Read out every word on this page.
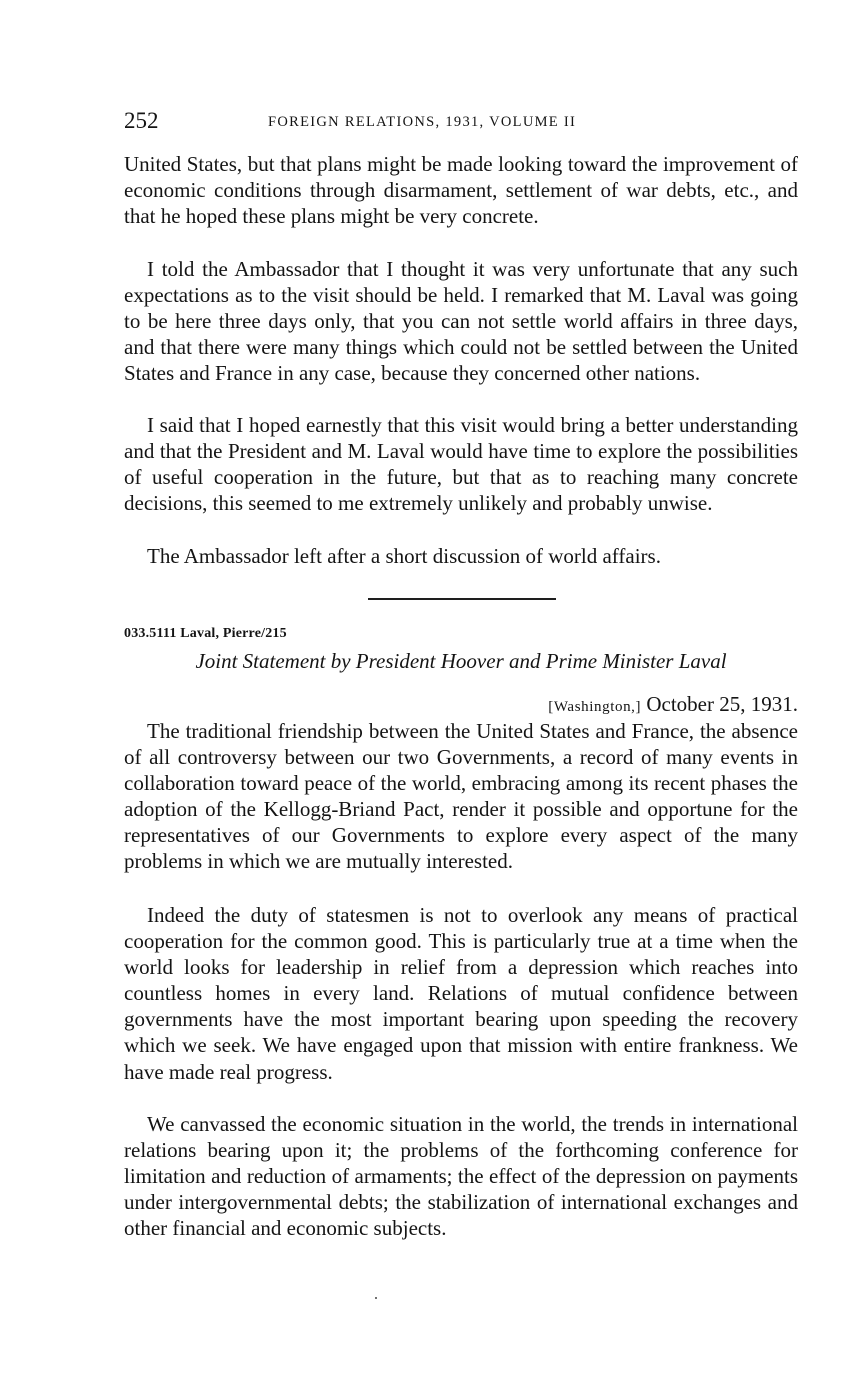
252	FOREIGN RELATIONS, 1931, VOLUME II

United States, but that plans might be made looking toward the improvement of economic conditions through disarmament, settlement of war debts, etc., and that he hoped these plans might be very concrete.

I told the Ambassador that I thought it was very unfortunate that any such expectations as to the visit should be held. I remarked that M. Laval was going to be here three days only, that you can not settle world affairs in three days, and that there were many things which could not be settled between the United States and France in any case, because they concerned other nations.

I said that I hoped earnestly that this visit would bring a better understanding and that the President and M. Laval would have time to explore the possibilities of useful cooperation in the future, but that as to reaching many concrete decisions, this seemed to me extremely unlikely and probably unwise.

The Ambassador left after a short discussion of world affairs.

033.5111 Laval, Pierre/215
Joint Statement by President Hoover and Prime Minister Laval
[Washington,] October 25, 1931.

The traditional friendship between the United States and France, the absence of all controversy between our two Governments, a record of many events in collaboration toward peace of the world, embracing among its recent phases the adoption of the Kellogg-Briand Pact, render it possible and opportune for the representatives of our Governments to explore every aspect of the many problems in which we are mutually interested.

Indeed the duty of statesmen is not to overlook any means of practical cooperation for the common good. This is particularly true at a time when the world looks for leadership in relief from a depression which reaches into countless homes in every land. Relations of mutual confidence between governments have the most important bearing upon speeding the recovery which we seek. We have engaged upon that mission with entire frankness. We have made real progress.

We canvassed the economic situation in the world, the trends in international relations bearing upon it; the problems of the forthcoming conference for limitation and reduction of armaments; the effect of the depression on payments under intergovernmental debts; the stabilization of international exchanges and other financial and economic subjects.
